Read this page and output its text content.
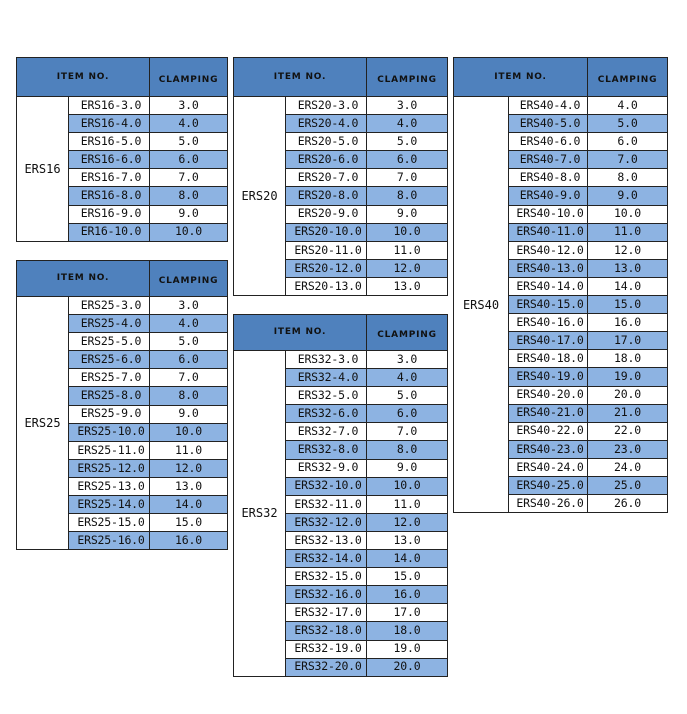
ITEM NO.		CLAMPING
ERS16	ERS16-3.0	3.0
	ERS16-4.0	4.0
	ERS16-5.0	5.0
	ERS16-6.0	6.0
	ERS16-7.0	7.0
	ERS16-8.0	8.0
	ERS16-9.0	9.0
	ER16-10.0	10.0
ITEM NO.		CLAMPING
ERS20	ERS20-3.0	3.0
	ERS20-4.0	4.0
	ERS20-5.0	5.0
	ERS20-6.0	6.0
	ERS20-7.0	7.0
	ERS20-8.0	8.0
	ERS20-9.0	9.0
	ERS20-10.0	10.0
	ERS20-11.0	11.0
	ERS20-12.0	12.0
	ERS20-13.0	13.0
ITEM NO.		CLAMPING
ERS40	ERS40-4.0	4.0
	ERS40-5.0	5.0
	ERS40-6.0	6.0
	ERS40-7.0	7.0
	ERS40-8.0	8.0
	ERS40-9.0	9.0
	ERS40-10.0	10.0
	ERS40-11.0	11.0
	ERS40-12.0	12.0
	ERS40-13.0	13.0
	ERS40-14.0	14.0
	ERS40-15.0	15.0
	ERS40-16.0	16.0
	ERS40-17.0	17.0
	ERS40-18.0	18.0
	ERS40-19.0	19.0
	ERS40-20.0	20.0
	ERS40-21.0	21.0
	ERS40-22.0	22.0
	ERS40-23.0	23.0
	ERS40-24.0	24.0
	ERS40-25.0	25.0
	ERS40-26.0	26.0
ITEM NO.		CLAMPING
ERS25	ERS25-3.0	3.0
	ERS25-4.0	4.0
	ERS25-5.0	5.0
	ERS25-6.0	6.0
	ERS25-7.0	7.0
	ERS25-8.0	8.0
	ERS25-9.0	9.0
	ERS25-10.0	10.0
	ERS25-11.0	11.0
	ERS25-12.0	12.0
	ERS25-13.0	13.0
	ERS25-14.0	14.0
	ERS25-15.0	15.0
	ERS25-16.0	16.0
ITEM NO.		CLAMPING
ERS32	ERS32-3.0	3.0
	ERS32-4.0	4.0
	ERS32-5.0	5.0
	ERS32-6.0	6.0
	ERS32-7.0	7.0
	ERS32-8.0	8.0
	ERS32-9.0	9.0
	ERS32-10.0	10.0
	ERS32-11.0	11.0
	ERS32-12.0	12.0
	ERS32-13.0	13.0
	ERS32-14.0	14.0
	ERS32-15.0	15.0
	ERS32-16.0	16.0
	ERS32-17.0	17.0
	ERS32-18.0	18.0
	ERS32-19.0	19.0
	ERS32-20.0	20.0
